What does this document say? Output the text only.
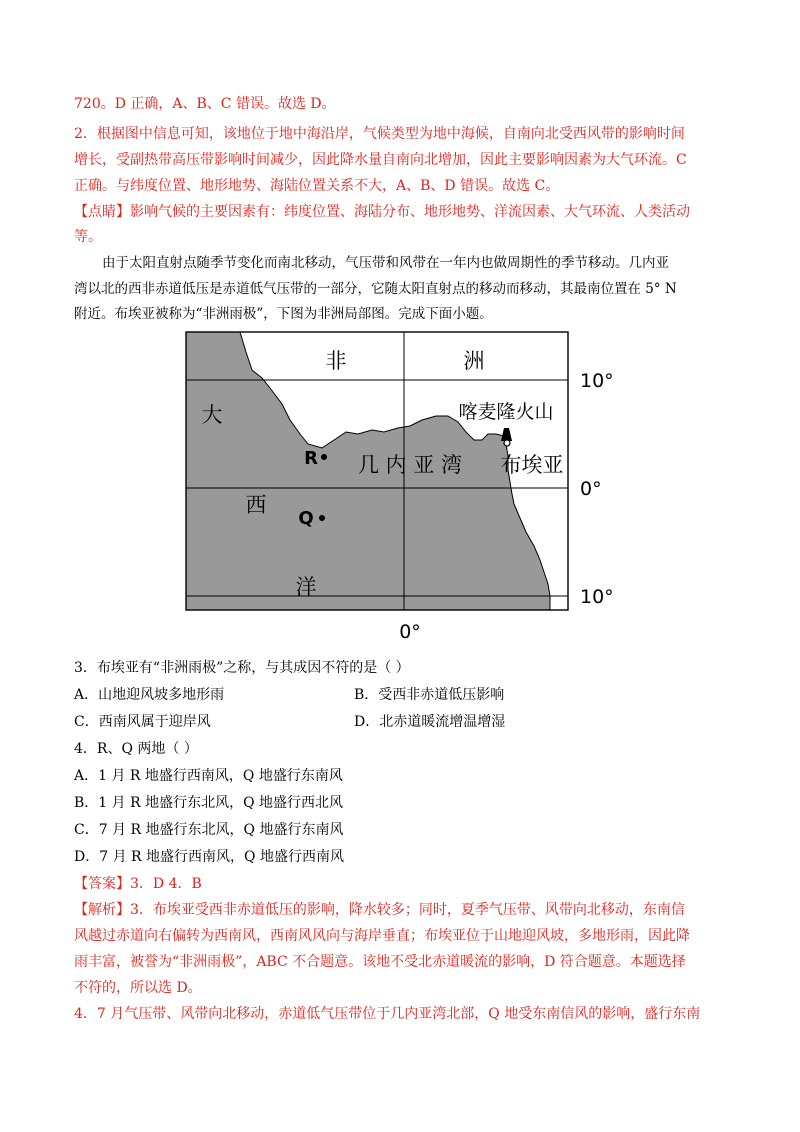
720。D 正确，A、B、C 错误。故选 D。
2．根据图中信息可知，该地位于地中海沿岸，气候类型为地中海候，自南向北受西风带的影响时间
增长，受副热带高压带影响时间减少，因此降水量自南向北增加，因此主要影响因素为大气环流。C
正确。与纬度位置、地形地势、海陆位置关系不大，A、B、D 错误。故选 C。
【点睛】影响气候的主要因素有：纬度位置、海陆分布、地形地势、洋流因素、大气环流、人类活动
等。
由于太阳直射点随季节变化而南北移动，气压带和风带在一年内也做周期性的季节移动。几内亚
湾以北的西非赤道低压是赤道低气压带的一部分，它随太阳直射点的移动而移动，其最南位置在 5° N
附近。布埃亚被称为“非洲雨极”，下图为非洲局部图。完成下面小题。
非	洲
大
西
洋
几 内 亚 湾
R
Q
喀麦隆火山
布埃亚
10°
0°
10°
0°
3．布埃亚有“非洲雨极”之称，与其成因不符的是（ ）
A．山地迎风坡多地形雨	B．受西非赤道低压影响
C．西南风属于迎岸风	D．北赤道暖流增温增湿
4．R、Q 两地（ ）
A．1 月 R 地盛行西南风，Q 地盛行东南风
B．1 月 R 地盛行东北风，Q 地盛行西北风
C．7 月 R 地盛行东北风，Q 地盛行东南风
D．7 月 R 地盛行西南风，Q 地盛行西南风
【答案】3．D 4．B
【解析】3．布埃亚受西非赤道低压的影响，降水较多；同时，夏季气压带、风带向北移动，东南信
风越过赤道向右偏转为西南风，西南风风向与海岸垂直；布埃亚位于山地迎风坡，多地形雨，因此降
雨丰富，被誉为“非洲雨极”，ABC 不合题意。该地不受北赤道暖流的影响，D 符合题意。本题选择
不符的，所以选 D。
4．7 月气压带、风带向北移动，赤道低气压带位于几内亚湾北部，Q 地受东南信风的影响，盛行东南
